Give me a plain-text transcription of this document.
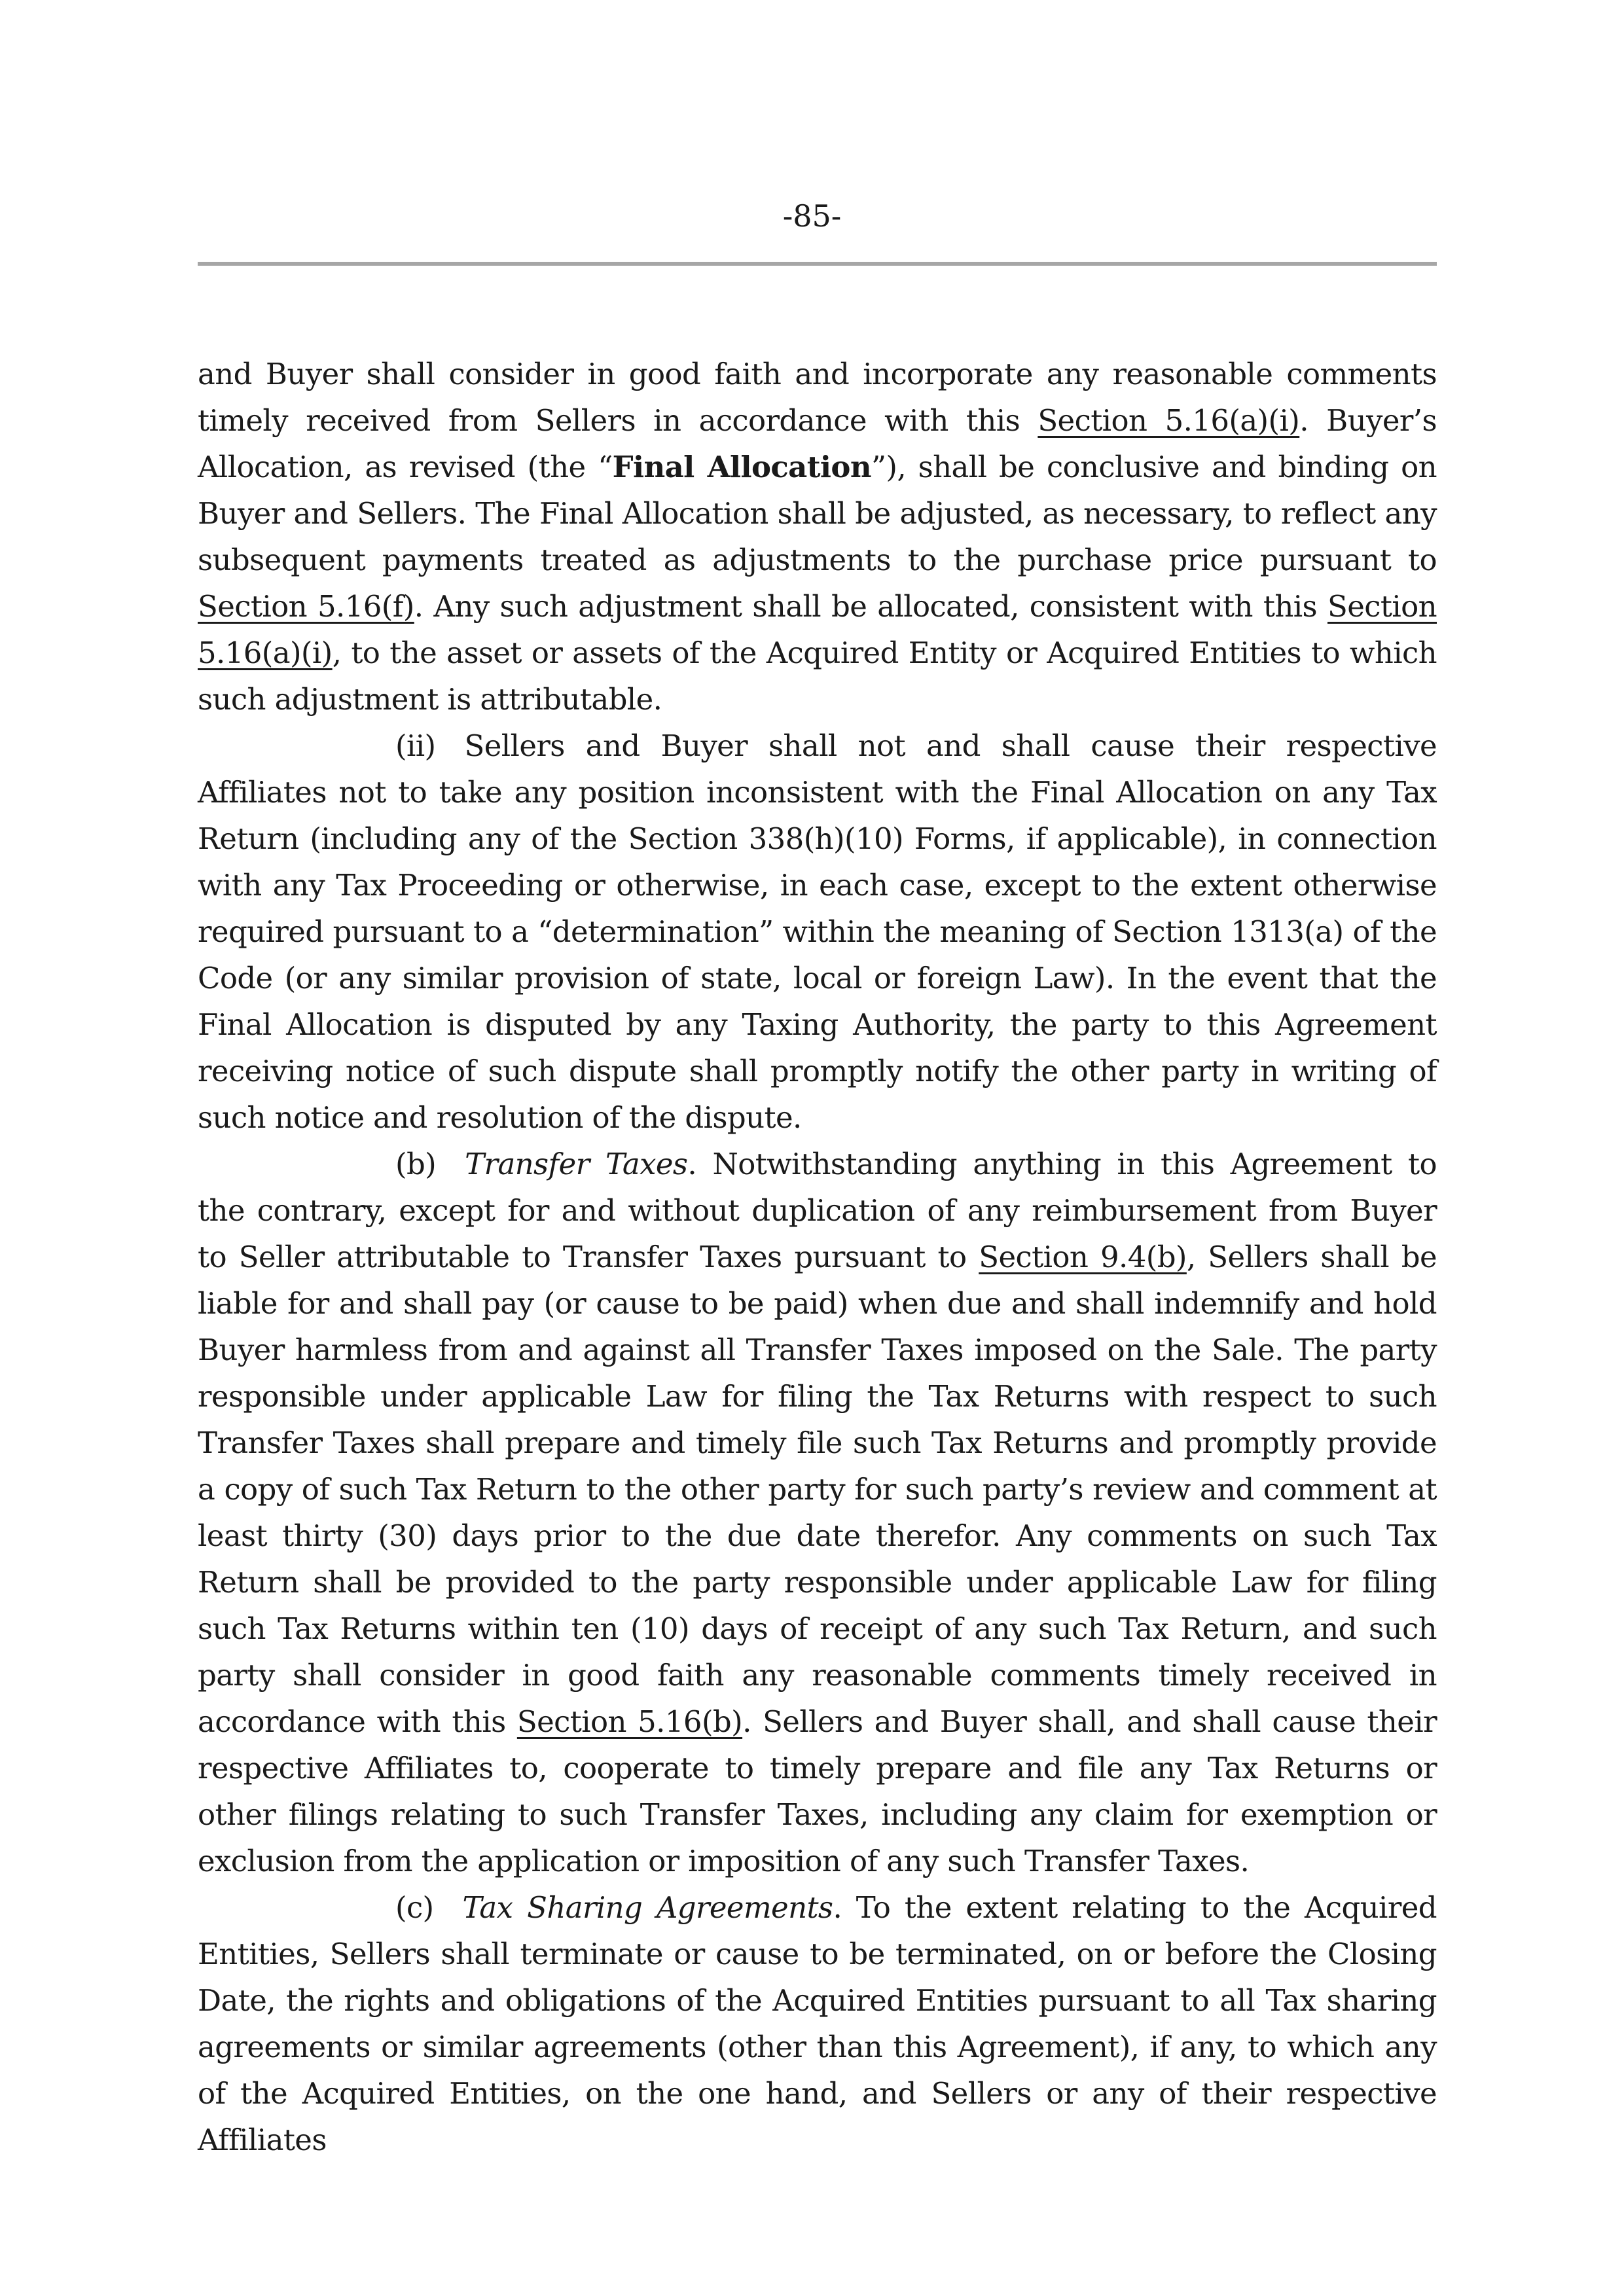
-85-

and Buyer shall consider in good faith and incorporate any reasonable comments timely received from Sellers in accordance with this Section 5.16(a)(i). Buyer’s Allocation, as revised (the “Final Allocation”), shall be conclusive and binding on Buyer and Sellers. The Final Allocation shall be adjusted, as necessary, to reflect any subsequent payments treated as adjustments to the purchase price pursuant to Section 5.16(f). Any such adjustment shall be allocated, consistent with this Section 5.16(a)(i), to the asset or assets of the Acquired Entity or Acquired Entities to which such adjustment is attributable.

(ii) Sellers and Buyer shall not and shall cause their respective Affiliates not to take any position inconsistent with the Final Allocation on any Tax Return (including any of the Section 338(h)(10) Forms, if applicable), in connection with any Tax Proceeding or otherwise, in each case, except to the extent otherwise required pursuant to a “determination” within the meaning of Section 1313(a) of the Code (or any similar provision of state, local or foreign Law). In the event that the Final Allocation is disputed by any Taxing Authority, the party to this Agreement receiving notice of such dispute shall promptly notify the other party in writing of such notice and resolution of the dispute.

(b) Transfer Taxes. Notwithstanding anything in this Agreement to the contrary, except for and without duplication of any reimbursement from Buyer to Seller attributable to Transfer Taxes pursuant to Section 9.4(b), Sellers shall be liable for and shall pay (or cause to be paid) when due and shall indemnify and hold Buyer harmless from and against all Transfer Taxes imposed on the Sale. The party responsible under applicable Law for filing the Tax Returns with respect to such Transfer Taxes shall prepare and timely file such Tax Returns and promptly provide a copy of such Tax Return to the other party for such party’s review and comment at least thirty (30) days prior to the due date therefor. Any comments on such Tax Return shall be provided to the party responsible under applicable Law for filing such Tax Returns within ten (10) days of receipt of any such Tax Return, and such party shall consider in good faith any reasonable comments timely received in accordance with this Section 5.16(b). Sellers and Buyer shall, and shall cause their respective Affiliates to, cooperate to timely prepare and file any Tax Returns or other filings relating to such Transfer Taxes, including any claim for exemption or exclusion from the application or imposition of any such Transfer Taxes.

(c) Tax Sharing Agreements. To the extent relating to the Acquired Entities, Sellers shall terminate or cause to be terminated, on or before the Closing Date, the rights and obligations of the Acquired Entities pursuant to all Tax sharing agreements or similar agreements (other than this Agreement), if any, to which any of the Acquired Entities, on the one hand, and Sellers or any of their respective Affiliates
